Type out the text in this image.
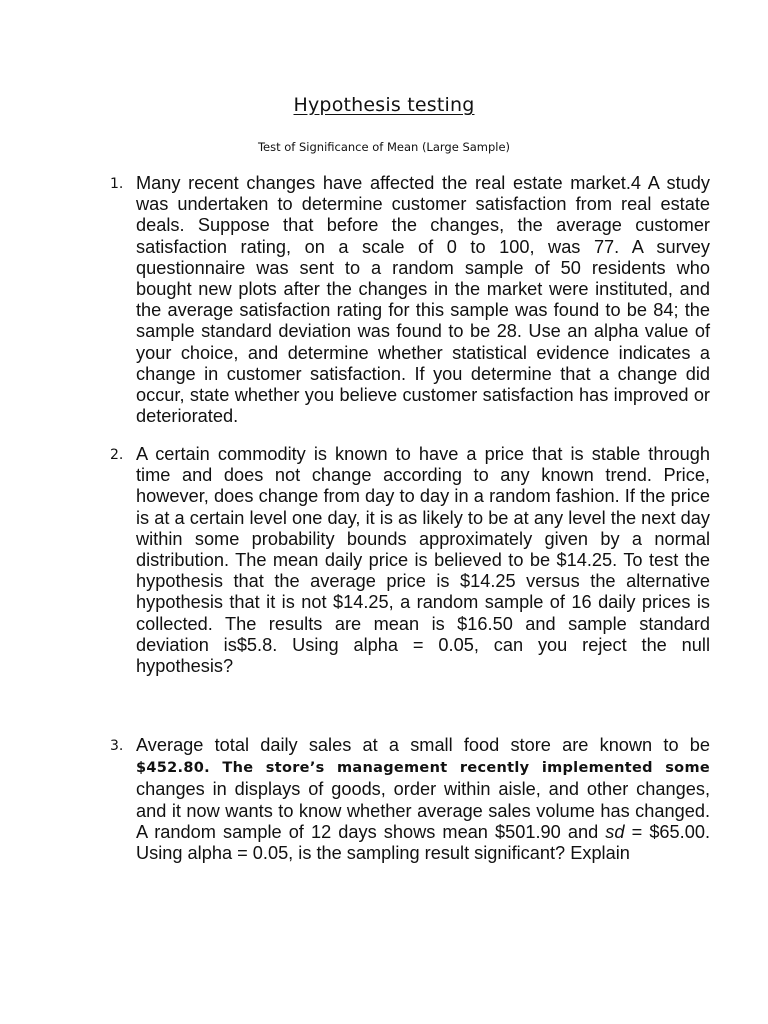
Hypothesis testing

Test of Significance of Mean (Large Sample)

1. Many recent changes have affected the real estate market.4 A study was undertaken to determine customer satisfaction from real estate deals. Suppose that before the changes, the average customer satisfaction rating, on a scale of 0 to 100, was 77. A survey questionnaire was sent to a random sample of 50 residents who bought new plots after the changes in the market were instituted, and the average satisfaction rating for this sample was found to be 84; the sample standard deviation was found to be 28. Use an alpha value of your choice, and determine whether statistical evidence indicates a change in customer satisfaction. If you determine that a change did occur, state whether you believe customer satisfaction has improved or deteriorated.

2. A certain commodity is known to have a price that is stable through time and does not change according to any known trend. Price, however, does change from day to day in a random fashion. If the price is at a certain level one day, it is as likely to be at any level the next day within some probability bounds approximately given by a normal distribution. The mean daily price is believed to be $14.25. To test the hypothesis that the average price is $14.25 versus the alternative hypothesis that it is not $14.25, a random sample of 16 daily prices is collected. The results are mean is $16.50 and sample standard deviation is$5.8. Using alpha = 0.05, can you reject the null hypothesis?

3. Average total daily sales at a small food store are known to be $452.80. The store’s management recently implemented some changes in displays of goods, order within aisle, and other changes, and it now wants to know whether average sales volume has changed. A random sample of 12 days shows mean $501.90 and sd = $65.00. Using alpha = 0.05, is the sampling result significant? Explain
